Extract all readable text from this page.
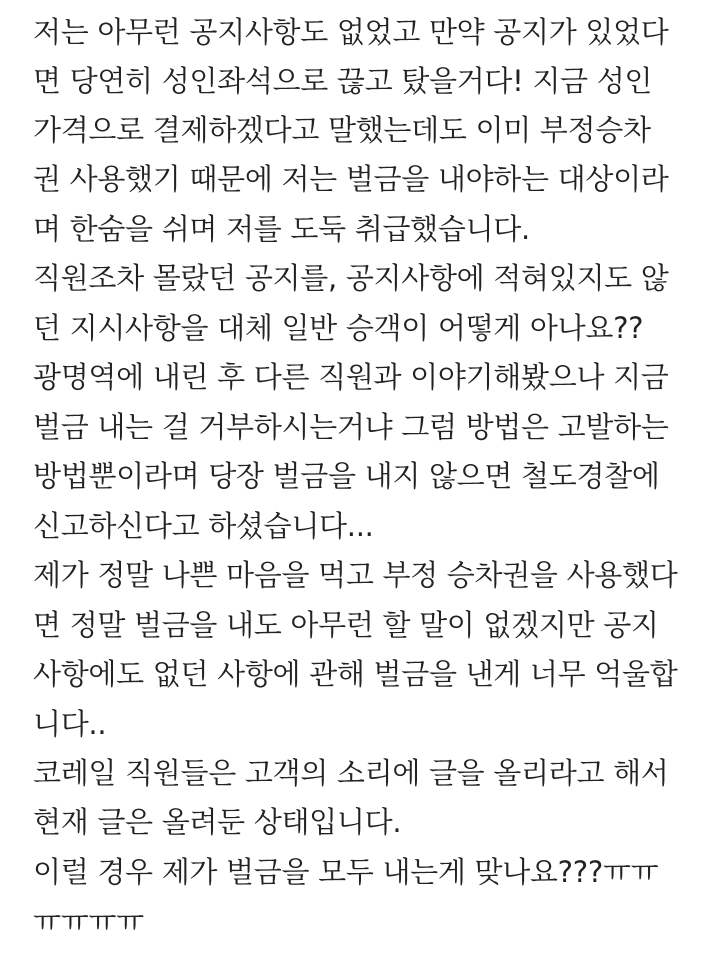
저는 아무런 공지사항도 없었고 만약 공지가 있었다
면 당연히 성인좌석으로 끊고 탔을거다! 지금 성인
가격으로 결제하겠다고 말했는데도 이미 부정승차
권 사용했기 때문에 저는 벌금을 내야하는 대상이라
며 한숨을 쉬며 저를 도둑 취급했습니다.
직원조차 몰랐던 공지를, 공지사항에 적혀있지도 않
던 지시사항을 대체 일반 승객이 어떻게 아나요??
광명역에 내린 후 다른 직원과 이야기해봤으나 지금
벌금 내는 걸 거부하시는거냐 그럼 방법은 고발하는
방법뿐이라며 당장 벌금을 내지 않으면 철도경찰에
신고하신다고 하셨습니다...
제가 정말 나쁜 마음을 먹고 부정 승차권을 사용했다
면 정말 벌금을 내도 아무런 할 말이 없겠지만 공지
사항에도 없던 사항에 관해 벌금을 낸게 너무 억울합
니다..
코레일 직원들은 고객의 소리에 글을 올리라고 해서
현재 글은 올려둔 상태입니다.
이럴 경우 제가 벌금을 모두 내는게 맞나요???ㅠㅠ
ㅠㅠㅠㅠ
